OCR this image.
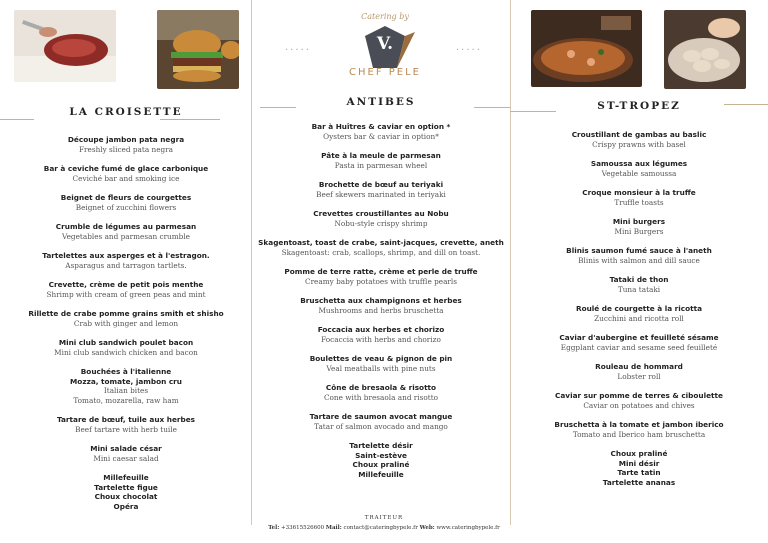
Catering by
V.
CHEF PELE
.....	.....
LA CROISETTE
Découpe jambon pata negra
Freshly sliced pata negra
Bar à ceviche fumé de glace carbonique
Ceviché bar and smoking ice
Beignet de fleurs de courgettes
Beignet of zucchini flowers
Crumble de légumes au parmesan
Vegetables and parmesan crumble
Tartelettes aux asperges et à l'estragon.
Asparagus and tarragon tartlets.
Crevette, crème de petit pois menthe
Shrimp with cream of green peas and mint
Rillette de crabe pomme grains smith et shisho
Crab with ginger and lemon
Mini club sandwich poulet bacon
Mini club sandwich chicken and bacon
Bouchées à l'italienne
Mozza, tomate, jambon cru
Italian bites
Tomato, mozarella, raw ham
Tartare de bœuf, tuile aux herbes
Beef tartare with herb tuile
Mini salade césar
Mini caesar salad
Millefeuille
Tartelette figue
Choux chocolat
Opéra
ANTIBES
Bar à Huîtres & caviar en option *
Oysters bar & caviar in option*
Pâte à la meule de parmesan
Pasta in parmesan wheel
Brochette de bœuf au teriyaki
Beef skewers marinated in teriyaki
Crevettes croustillantes au Nobu
Nobu-style crispy shrimp
Skagentoast, toast de crabe, saint-jacques, crevette, aneth
Skagentoast: crab, scallops, shrimp, and dill on toast.
Pomme de terre ratte, crème et perle de truffe
Creamy baby potatoes with truffle pearls
Bruschetta aux champignons et herbes
Mushrooms and herbs bruschetta
Foccacia aux herbes et chorizo
Focaccia with herbs and chorizo
Boulettes de veau & pignon de pin
Veal meatballs with pine nuts
Cône de bresaola & risotto
Cone with bresaola and risotto
Tartare de saumon avocat mangue
Tatar of salmon avocado and mango
Tartelette désir
Saint-estève
Choux praliné
Millefeuille
ST-TROPEZ
Croustillant de gambas au baslic
Crispy prawns with basel
Samoussa aux légumes
Vegetable samoussa
Croque monsieur à la truffe
Truffle toasts
Mini burgers
Mini Burgers
Blinis saumon fumé sauce à l'aneth
Blinis with salmon and dill sauce
Tataki de thon
Tuna tataki
Roulé de courgette à la ricotta
Zucchini and ricotta roll
Caviar d'aubergine et feuilleté sésame
Eggplant caviar and sesame seed feuilleté
Rouleau de hommard
Lobster roll
Caviar sur pomme de terres & ciboulette
Caviar on potatoes and chives
Bruschetta à la tomate et jambon iberico
Tomato and Iberico ham bruschetta
Choux praliné
Mini désir
Tarte tatin
Tartelette ananas
TRAITEUR
Tel: +33615526600 Mail: contact@cateringbypele.fr Web: www.cateringbypele.fr
